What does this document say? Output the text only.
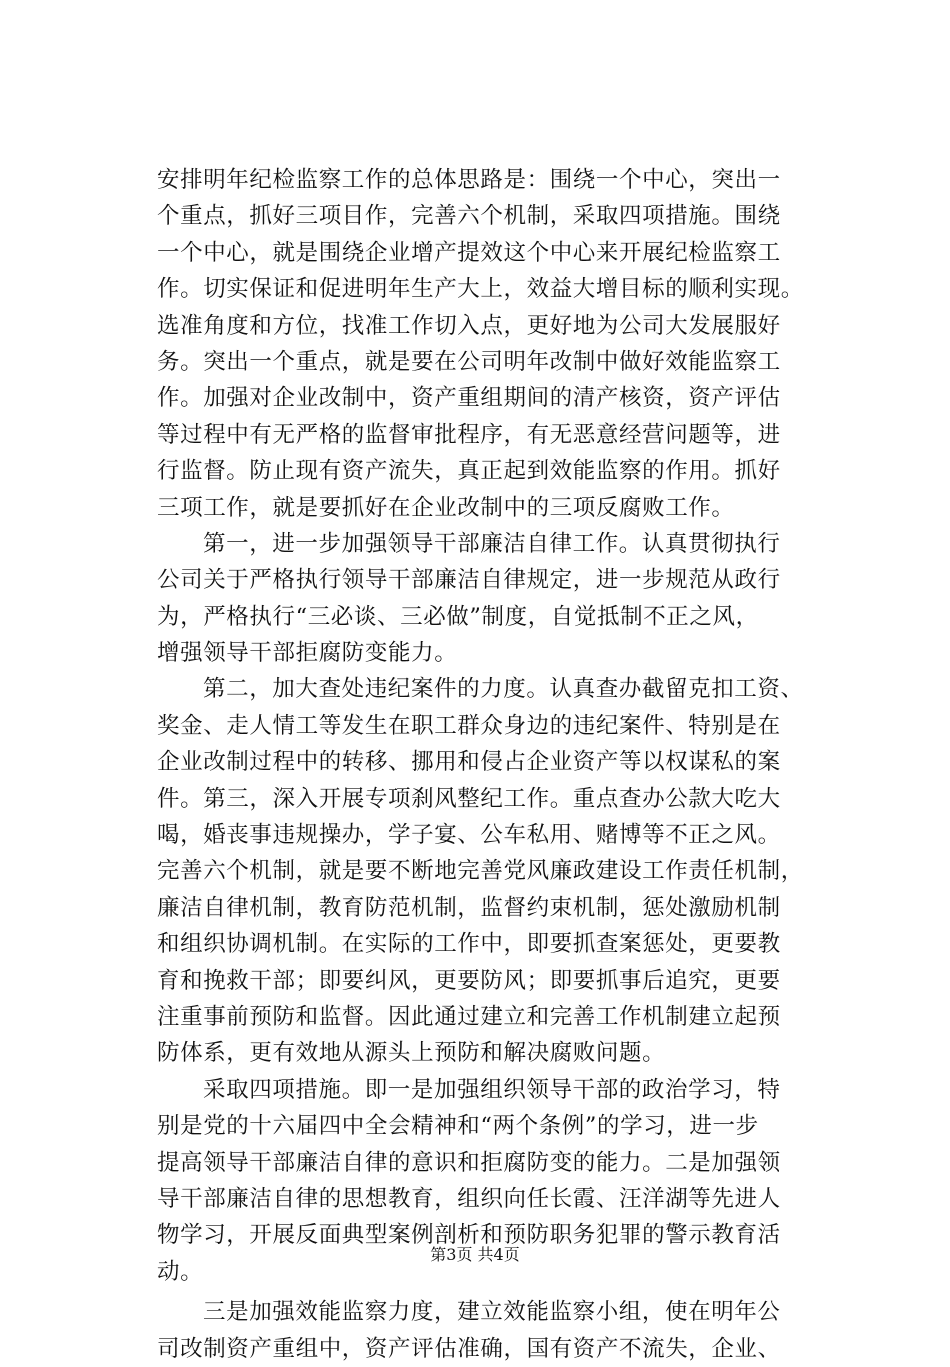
安排明年纪检监察工作的总体思路是：围绕一个中心，突出一
个重点，抓好三项目作，完善六个机制，采取四项措施。围绕
一个中心，就是围绕企业增产提效这个中心来开展纪检监察工
作。切实保证和促进明年生产大上，效益大增目标的顺利实现。
选准角度和方位，找准工作切入点，更好地为公司大发展服好
务。突出一个重点，就是要在公司明年改制中做好效能监察工
作。加强对企业改制中，资产重组期间的清产核资，资产评估
等过程中有无严格的监督审批程序，有无恶意经营问题等，进
行监督。防止现有资产流失，真正起到效能监察的作用。抓好
三项工作，就是要抓好在企业改制中的三项反腐败工作。
第一，进一步加强领导干部廉洁自律工作。认真贯彻执行
公司关于严格执行领导干部廉洁自律规定，进一步规范从政行
为，严格执行“三必谈、三必做”制度，自觉抵制不正之风，
增强领导干部拒腐防变能力。
第二，加大查处违纪案件的力度。认真查办截留克扣工资、
奖金、走人情工等发生在职工群众身边的违纪案件、特别是在
企业改制过程中的转移、挪用和侵占企业资产等以权谋私的案
件。第三，深入开展专项刹风整纪工作。重点查办公款大吃大
喝，婚丧事违规操办，学子宴、公车私用、赌博等不正之风。
完善六个机制，就是要不断地完善党风廉政建设工作责任机制，
廉洁自律机制，教育防范机制，监督约束机制，惩处激励机制
和组织协调机制。在实际的工作中，即要抓查案惩处，更要教
育和挽救干部；即要纠风，更要防风；即要抓事后追究，更要
注重事前预防和监督。因此通过建立和完善工作机制建立起预
防体系，更有效地从源头上预防和解决腐败问题。
采取四项措施。即一是加强组织领导干部的政治学习，特
别是党的十六届四中全会精神和“两个条例”的学习，进一步
提高领导干部廉洁自律的意识和拒腐防变的能力。二是加强领
导干部廉洁自律的思想教育，组织向任长霞、汪洋湖等先进人
物学习，开展反面典型案例剖析和预防职务犯罪的警示教育活
动。
三是加强效能监察力度，建立效能监察小组，使在明年公
司改制资产重组中，资产评估准确，国有资产不流失，企业、
第3页 共4页
